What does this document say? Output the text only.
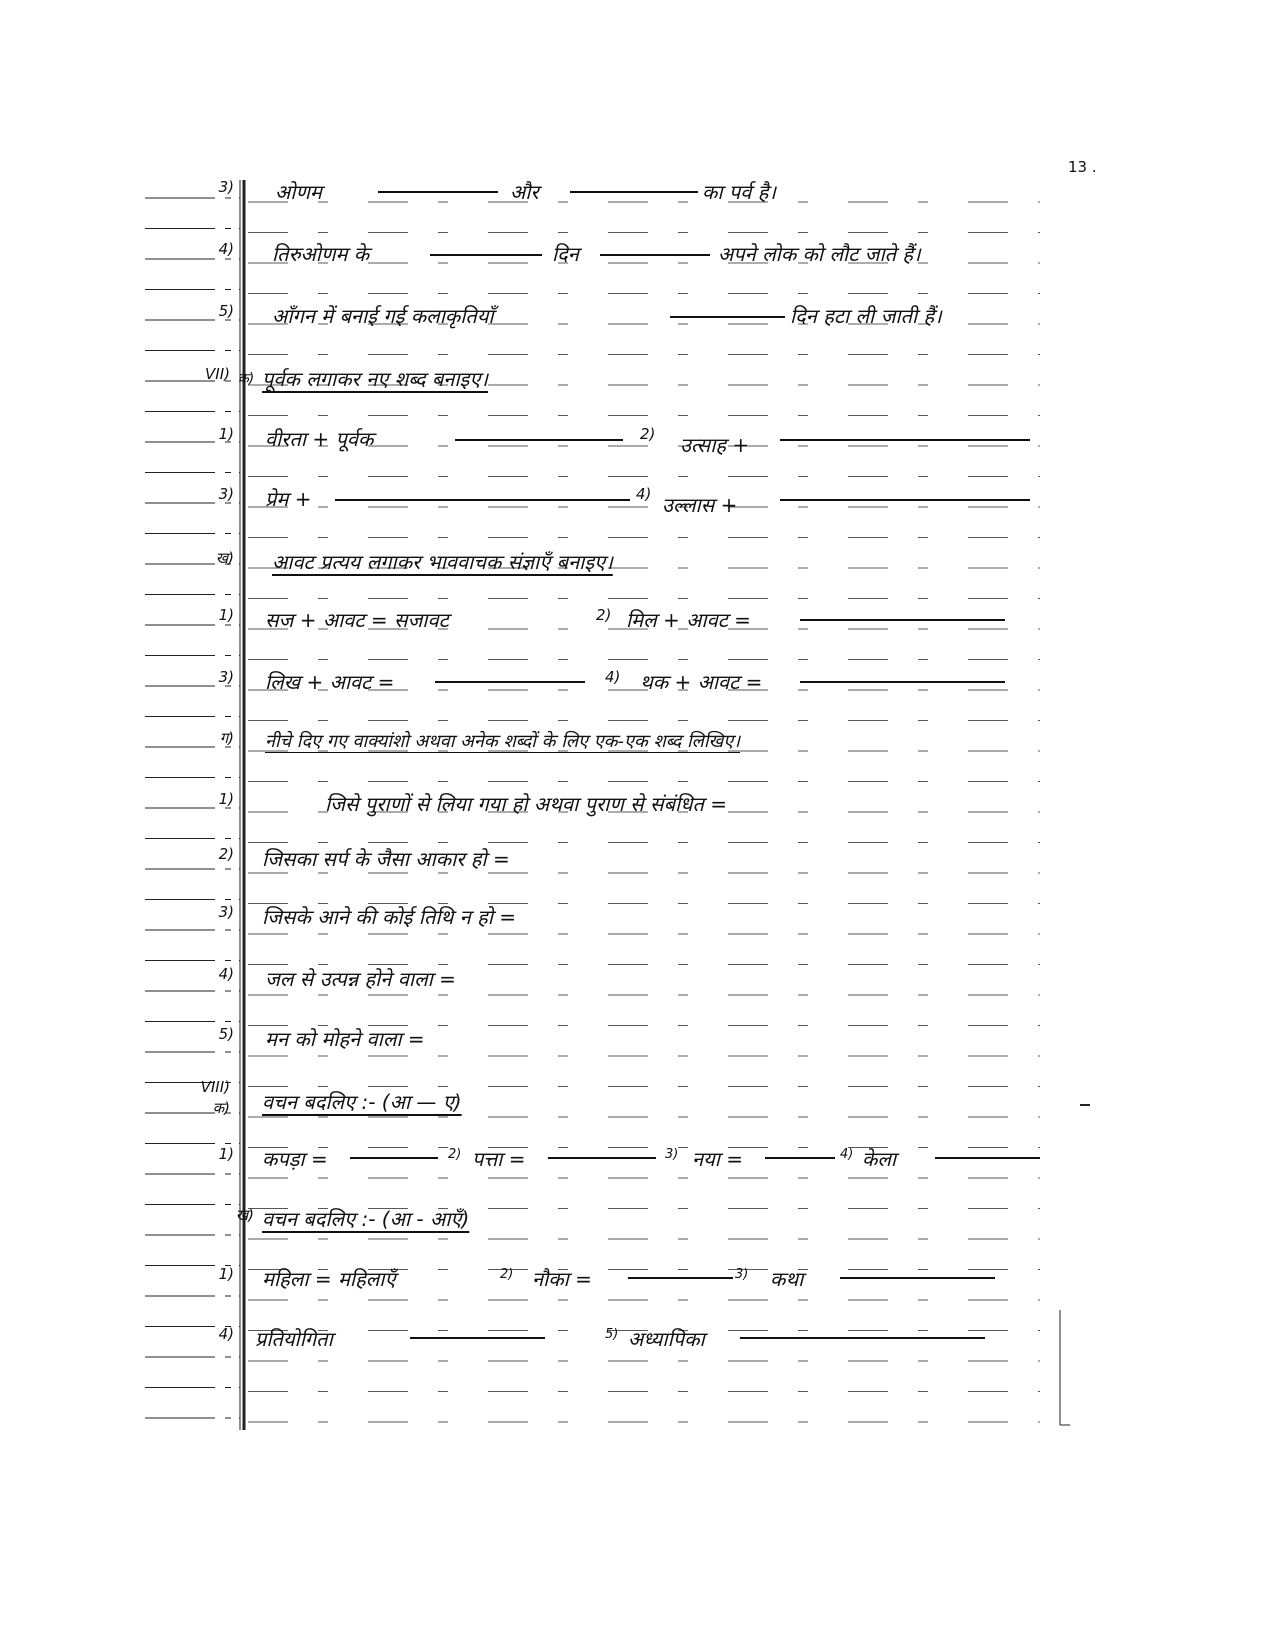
13 .
3) ओणम	और	का पर्व है।
4) तिरुओणम के	दिन	अपने लोक को लौट जाते हैं।
5) आँगन में बनाई गई कलाकृतियाँ	दिन हटा ली जाती हैं।
VII) क) पूर्वक लगाकर नए शब्द बनाइए।
1) वीरता + पूर्वक	2) उत्साह +
3) प्रेम +	4) उल्लास +
ख) आवट प्रत्यय लगाकर भाववाचक संज्ञाएँ बनाइए।
1) सज + आवट = सजावट	2) मिल + आवट =
3) लिख + आवट =	4) थक + आवट =
ग) नीचे दिए गए वाक्यांशो अथवा अनेक शब्दों के लिए एक-एक शब्द लिखिए।
1)	जिसे पुराणों से लिया गया हो अथवा पुराण से संबंधित =
2) जिसका सर्प के जैसा आकार हो =
3) जिसके आने की कोई तिथि न हो =
4) जल से उत्पन्न होने वाला =
5) मन को मोहने वाला =
VIII)
क) वचन बदलिए :- (आ — ए)
1) कपड़ा =	2) पत्ता =	3) नया =	4) केला
ख) वचन बदलिए :- (आ - आएँ)
1) महिला = महिलाएँ	2) नौका =	3) कथा
4) प्रतियोगिता	5) अध्यापिका
